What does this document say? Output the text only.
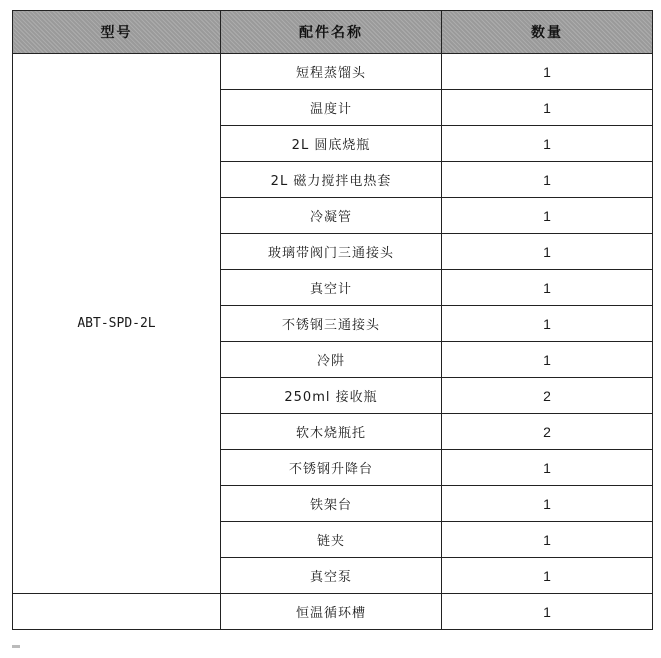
型号	配件名称	数量
ABT-SPD-2L	短程蒸馏头	1
	温度计	1
	2L 圆底烧瓶	1
	2L 磁力搅拌电热套	1
	冷凝管	1
	玻璃带阀门三通接头	1
	真空计	1
	不锈钢三通接头	1
	冷阱	1
	250ml 接收瓶	2
	软木烧瓶托	2
	不锈钢升降台	1
	铁架台	1
	链夹	1
	真空泵	1
	恒温循环槽	1
